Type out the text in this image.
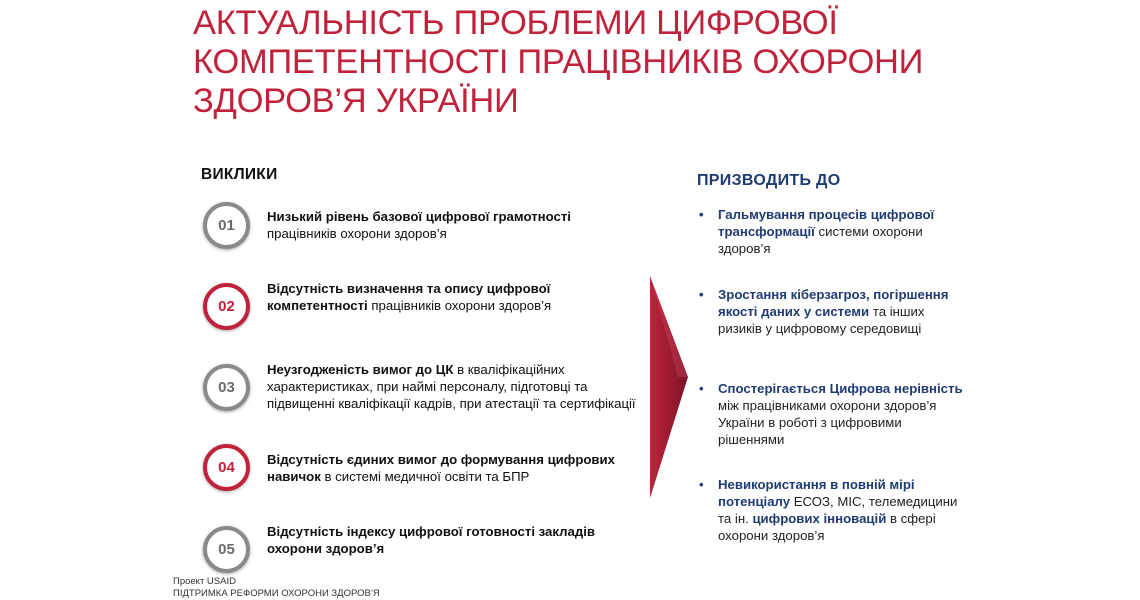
АКТУАЛЬНІСТЬ ПРОБЛЕМИ ЦИФРОВОЇ
КОМПЕТЕНТНОСТІ ПРАЦІВНИКІВ ОХОРОНИ
ЗДОРОВ’Я УКРАЇНИ
ВИКЛИКИ	ПРИЗВОДИТЬ ДО
01
Низький рівень базової цифрової грамотності працівників охорони здоров’я
02
Відсутність визначення та опису цифрової компетентності працівників охорони здоров’я
03
Неузгодженість вимог до ЦК в кваліфікаційних характеристиках, при наймі персоналу, підготовці та підвищенні кваліфікації кадрів, при атестації та сертифікації
04	Відсутність єдиних вимог до формування цифрових навичок в системі медичної освіти та БПР
05
Відсутність індексу цифрової готовності закладів охорони здоров’я
• Гальмування процесів цифрової трансформації системи охорони здоров’я
• Зростання кіберзагроз, погіршення якості даних у системи та інших ризиків у цифровому середовищі
• Спостерігається Цифрова нерівність між працівниками охорони здоров’я України в роботі з цифровими рішеннями
• Невикористання в повній мірі потенціалу ЕСОЗ, МІС, телемедицини та ін. цифрових інновацій в сфері охорони здоров’я
Проект USAID
ПІДТРИМКА РЕФОРМИ ОХОРОНИ ЗДОРОВ’Я
